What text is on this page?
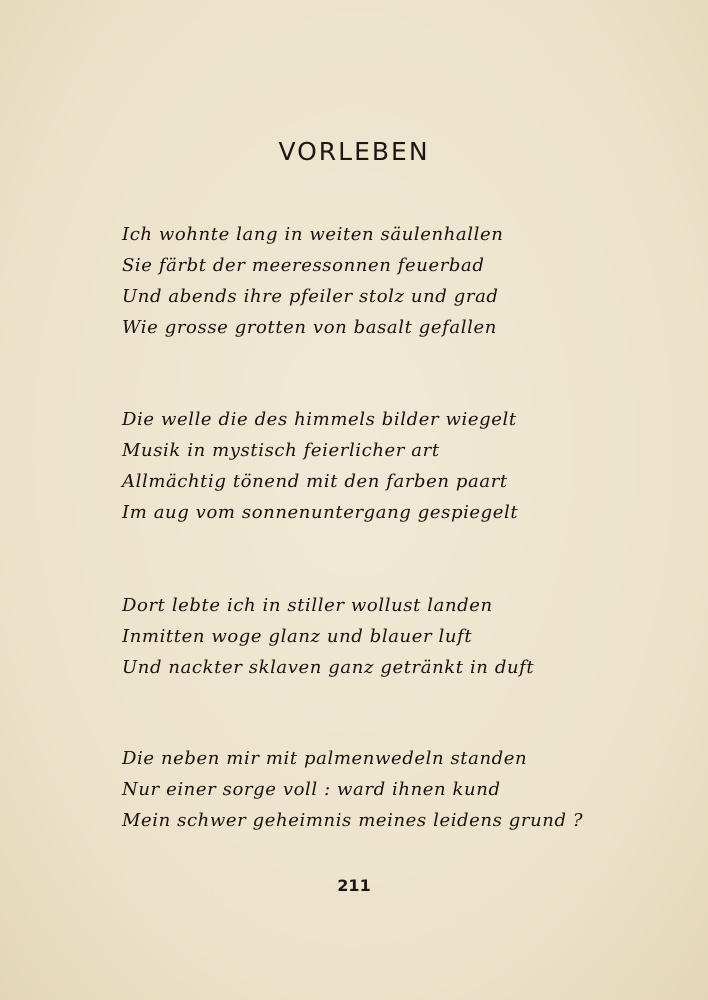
VORLEBEN
Ich wohnte lang in weiten säulenhallen
Sie färbt der meeressonnen feuerbad
Und abends ihre pfeiler stolz und grad
Wie grosse grotten von basalt gefallen
Die welle die des himmels bilder wiegelt
Musik in mystisch feierlicher art
Allmächtig tönend mit den farben paart
Im aug vom sonnenuntergang gespiegelt
Dort lebte ich in stiller wollust landen
Inmitten woge glanz und blauer luft
Und nackter sklaven ganz getränkt in duft
Die neben mir mit palmenwedeln standen
Nur einer sorge voll : ward ihnen kund
Mein schwer geheimnis meines leidens grund ?
211
